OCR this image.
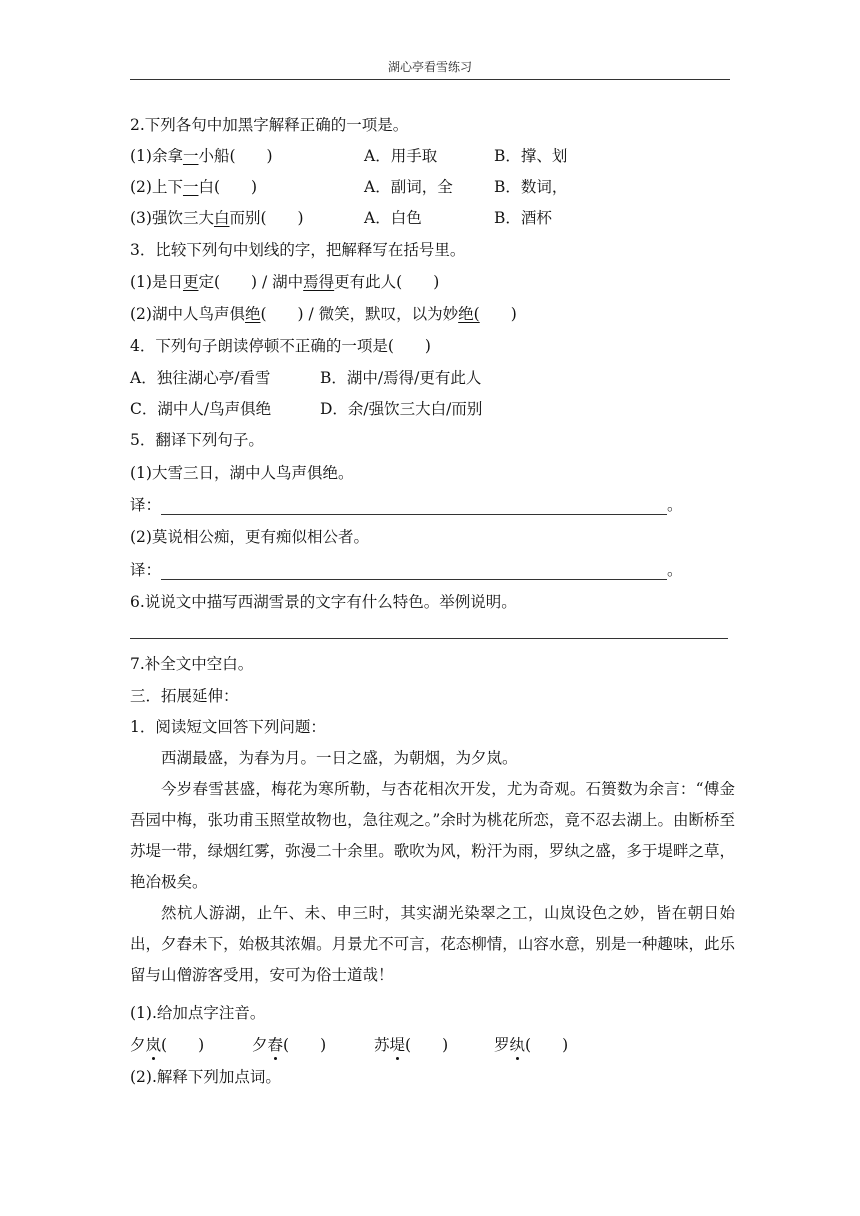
湖心亭看雪练习
2.下列各句中加黑字解释正确的一项是。
(1)余拿一小船(　　)	A．用手取	B．撑、划
(2)上下一白(　　)	A．副词，全	B．数词，
(3)强饮三大白而别(　　)	A．白色	B．酒杯
3．比较下列句中划线的字，把解释写在括号里。
(1)是日更定(　　) / 湖中焉得更有此人(　　)
(2)湖中人鸟声俱绝(　　) / 微笑，默叹，以为妙绝(　　)
4．下列句子朗读停顿不正确的一项是(　　)
A．独往湖心亭/看雪	B．湖中/焉得/更有此人
C．湖中人/鸟声俱绝	D．余/强饮三大白/而别
5．翻译下列句子。
(1)大雪三日，湖中人鸟声俱绝。
译：	。
(2)莫说相公痴，更有痴似相公者。
译：	。
6.说说文中描写西湖雪景的文字有什么特色。举例说明。
7.补全文中空白。
三．拓展延伸：
1．阅读短文回答下列问题：

西湖最盛，为春为月。一日之盛，为朝烟，为夕岚。

今岁春雪甚盛，梅花为寒所勒，与杏花相次开发，尤为奇观。石篑数为余言：“傅金吾园中梅，张功甫玉照堂故物也，急往观之。”余时为桃花所恋，竟不忍去湖上。由断桥至苏堤一带，绿烟红雾，弥漫二十余里。歌吹为风，粉汗为雨，罗纨之盛，多于堤畔之草，艳冶极矣。

然杭人游湖，止午、未、申三时，其实湖光染翠之工，山岚设色之妙，皆在朝日始出，夕舂未下，始极其浓媚。月景尤不可言，花态柳情，山容水意，别是一种趣味，此乐留与山僧游客受用，安可为俗士道哉！

(1).给加点字注音。
夕岚(　　)	夕舂(　　)	苏堤(　　)	罗纨(　　)
(2).解释下列加点词。
